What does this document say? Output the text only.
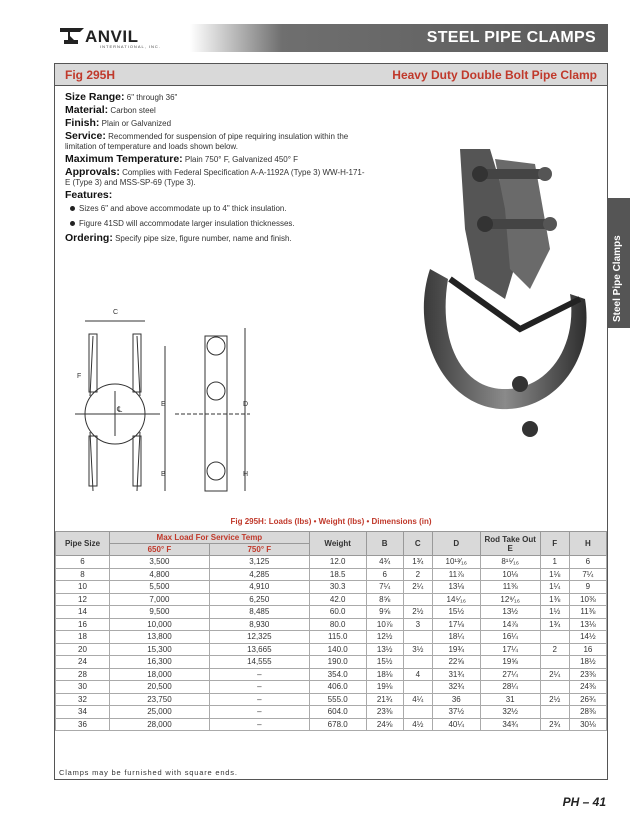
ANVIL
INTERNATIONAL, INC.
STEEL PIPE CLAMPS
Steel Pipe Clamps
Fig 295H	Heavy Duty Double Bolt Pipe Clamp
Size Range: 6" through 36"
Material: Carbon steel
Finish: Plain or Galvanized
Service: Recommended for suspension of pipe requiring insulation within the limitation of temperature and loads shown below.
Maximum Temperature: Plain 750° F, Galvanized 450° F
Approvals: Complies with Federal Specification A-A-1192A (Type 3) WW-H-171-E (Type 3) and MSS-SP-69 (Type 3).
Features:
Sizes 6" and above accommodate up to 4" thick insulation.
Figure 41SD will accommodate larger insulation thicknesses.
Ordering: Specify pipe size, figure number, name and finish.
C
F
E	D
B	H
℄
Fig 295H: Loads (lbs) • Weight (lbs) • Dimensions (in)
Pipe Size	Max Load For Service Temp		Weight	B	C	D	Rod Take Out E	F	H
	650° F	750° F							
6	3,500	3,125	12.0	4¾	1¾	10¹³⁄₁₆	8¹⁵⁄₁₆	1	6
8	4,800	4,285	18.5	6	2	11⅞	10⅛	1⅛	7¼
10	5,500	4,910	30.3	7¼	2¼	13⅛	11⅜	1¼	9
12	7,000	6,250	42.0	8⅝		14⁵⁄₁₆	12⁹⁄₁₆	1⅜	10⅜
14	9,500	8,485	60.0	9⅝	2½	15½	13½	1½	11⅜
16	10,000	8,930	80.0	10⅞	3	17⅛	14⅞	1¾	13⅛
18	13,800	12,325	115.0	12½		18¼	16¼		14½
20	15,300	13,665	140.0	13½	3½	19¾	17¼	2	16
24	16,300	14,555	190.0	15½		22⅝	19⅝		18½
28	18,000	–	354.0	18⅛	4	31¾	27¼	2¼	23⅜
30	20,500	–	406.0	19⅛		32¾	28¼		24⅜
32	23,750	–	555.0	21¾	4¼	36	31	2½	26¾
34	25,000	–	604.0	23⅜		37½	32½		28⅜
36	28,000	–	678.0	24⅝	4½	40¼	34¾	2¾	30⅛
Clamps may be furnished with square ends.
PH – 41
